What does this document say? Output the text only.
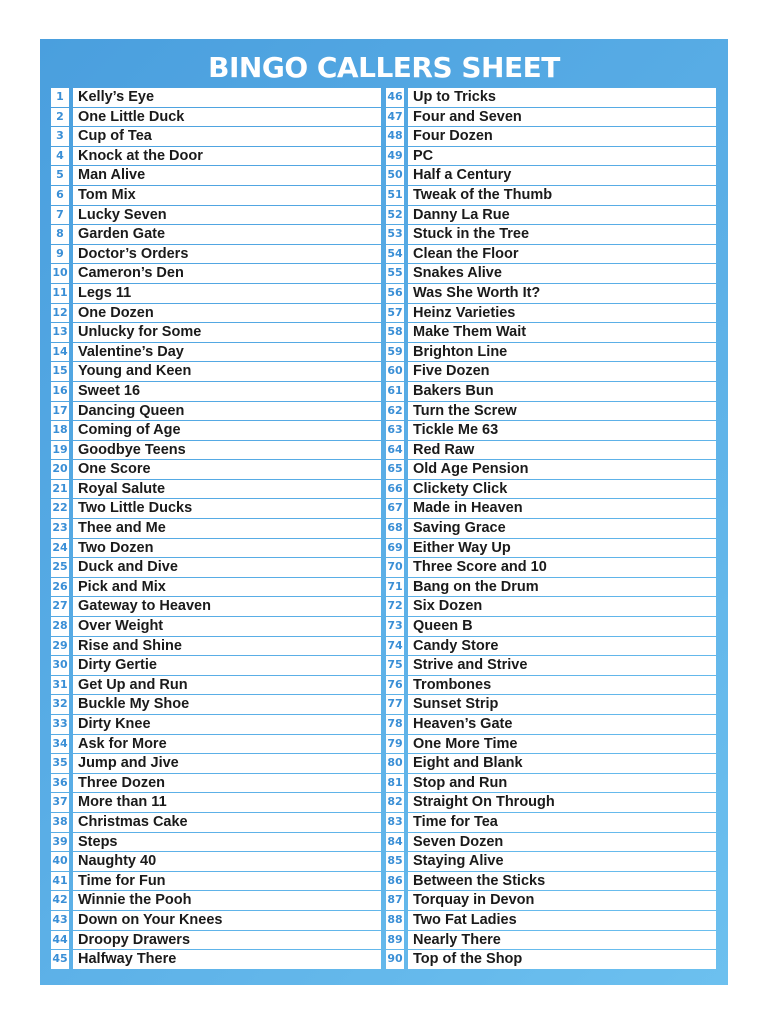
BINGO CALLERS SHEET
1 Kelly’s Eye
2 One Little Duck
3 Cup of Tea
4 Knock at the Door
5 Man Alive
6 Tom Mix
7 Lucky Seven
8 Garden Gate
9 Doctor’s Orders
10 Cameron’s Den
11 Legs 11
12 One Dozen
13 Unlucky for Some
14 Valentine’s Day
15 Young and Keen
16 Sweet 16
17 Dancing Queen
18 Coming of Age
19 Goodbye Teens
20 One Score
21 Royal Salute
22 Two Little Ducks
23 Thee and Me
24 Two Dozen
25 Duck and Dive
26 Pick and Mix
27 Gateway to Heaven
28 Over Weight
29 Rise and Shine
30 Dirty Gertie
31 Get Up and Run
32 Buckle My Shoe
33 Dirty Knee
34 Ask for More
35 Jump and Jive
36 Three Dozen
37 More than 11
38 Christmas Cake
39 Steps
40 Naughty 40
41 Time for Fun
42 Winnie the Pooh
43 Down on Your Knees
44 Droopy Drawers
45 Halfway There
46 Up to Tricks
47 Four and Seven
48 Four Dozen
49 PC
50 Half a Century
51 Tweak of the Thumb
52 Danny La Rue
53 Stuck in the Tree
54 Clean the Floor
55 Snakes Alive
56 Was She Worth It?
57 Heinz Varieties
58 Make Them Wait
59 Brighton Line
60 Five Dozen
61 Bakers Bun
62 Turn the Screw
63 Tickle Me 63
64 Red Raw
65 Old Age Pension
66 Clickety Click
67 Made in Heaven
68 Saving Grace
69 Either Way Up
70 Three Score and 10
71 Bang on the Drum
72 Six Dozen
73 Queen B
74 Candy Store
75 Strive and Strive
76 Trombones
77 Sunset Strip
78 Heaven’s Gate
79 One More Time
80 Eight and Blank
81 Stop and Run
82 Straight On Through
83 Time for Tea
84 Seven Dozen
85 Staying Alive
86 Between the Sticks
87 Torquay in Devon
88 Two Fat Ladies
89 Nearly There
90 Top of the Shop
